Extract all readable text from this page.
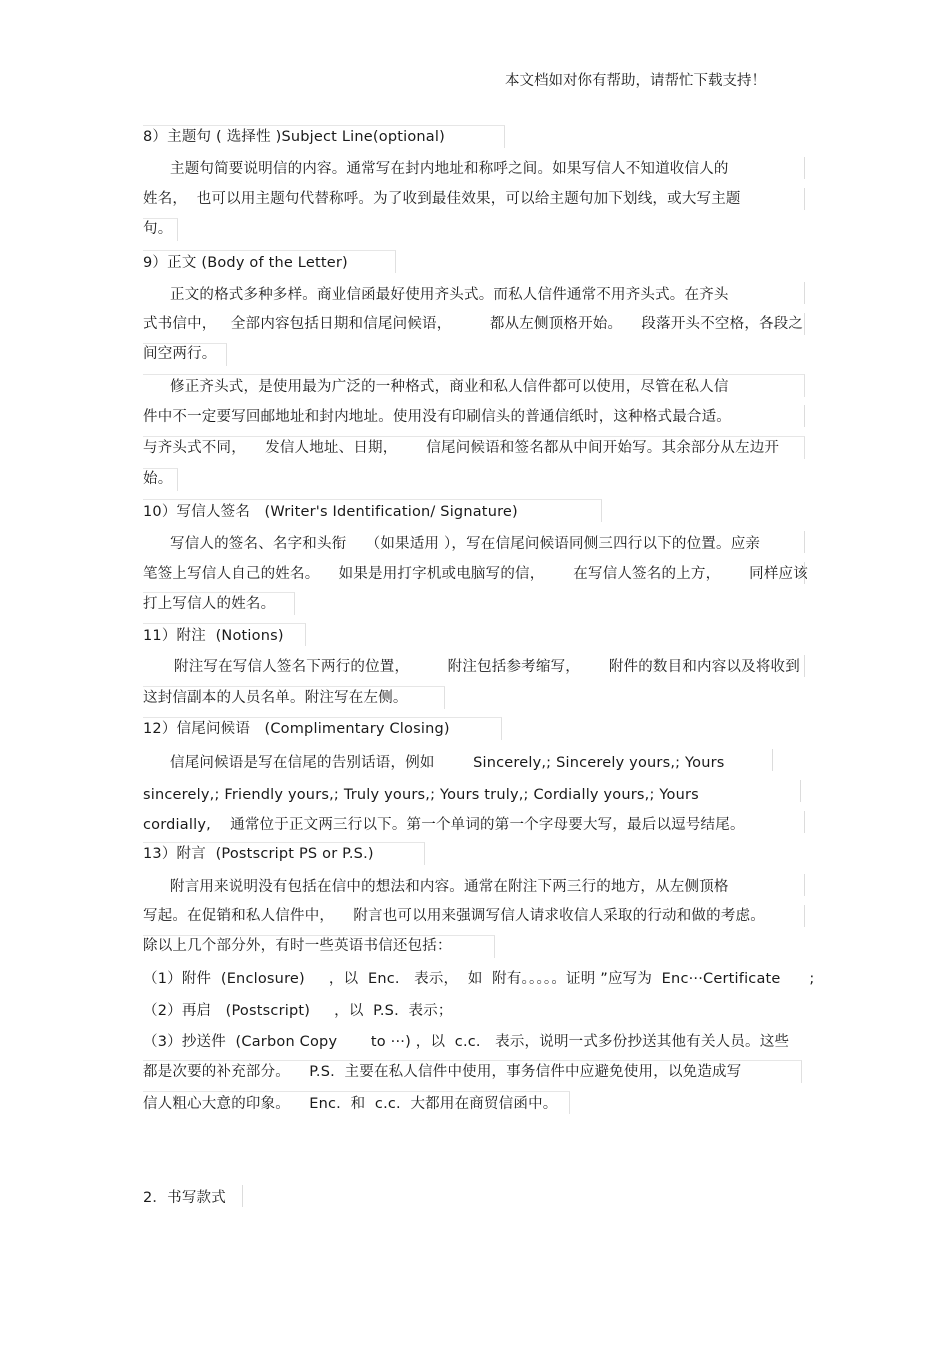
本文档如对你有帮助，请帮忙下载支持！
8）主题句 ( 选择性 )Subject Line(optional)
主题句简要说明信的内容。通常写在封内地址和称呼之间。如果写信人不知道收信人的
姓名，  也可以用主题句代替称呼。为了收到最佳效果，可以给主题句加下划线，或大写主题
句。
9）正文 (Body of the Letter)
正文的格式多种多样。商业信函最好使用齐头式。而私人信件通常不用齐头式。在齐头
式书信中，   全部内容包括日期和信尾问候语，        都从左侧顶格开始。    段落开头不空格，各段之
间空两行。
修正齐头式，是使用最为广泛的一种格式，商业和私人信件都可以使用，尽管在私人信
件中不一定要写回邮地址和封内地址。使用没有印刷信头的普通信纸时，这种格式最合适。
与齐头式不同，    发信人地址、日期，      信尾问候语和签名都从中间开始写。其余部分从左边开
始。
10）写信人签名   (Writer's Identification/ Signature)
写信人的签名、名字和头衔    （如果适用 ），写在信尾问候语同侧三四行以下的位置。应亲
笔签上写信人自己的姓名。    如果是用打字机或电脑写的信，      在写信人签名的上方，      同样应该
打上写信人的姓名。
11）附注  (Notions)
附注写在写信人签名下两行的位置，        附注包括参考缩写，      附件的数目和内容以及将收到
这封信副本的人员名单。附注写在左侧。
12）信尾问候语   (Complimentary Closing)
信尾问候语是写在信尾的告别话语，例如        Sincerely,; Sincerely yours,; Yours
sincerely,; Friendly yours,; Truly yours,; Yours truly,; Cordially yours,; Yours
cordially,    通常位于正文两三行以下。第一个单词的第一个字母要大写，最后以逗号结尾。
13）附言  (Postscript PS or P.S.)
附言用来说明没有包括在信中的想法和内容。通常在附注下两三行的地方，从左侧顶格
写起。在促销和私人信件中，    附言也可以用来强调写信人请求收信人采取的行动和做的考虑。
除以上几个部分外，有时一些英语书信还包括：
（1）附件  (Enclosure)     ，以  Enc.   表示，  如  附有。。。。。证明 ”应写为  Enc···Certificate      ;
（2）再启   (Postscript)     ，以  P.S.  表示；
（3）抄送件  (Carbon Copy       to ···) ，以  c.c.   表示，说明一式多份抄送其他有关人员。这些
都是次要的补充部分。    P.S.  主要在私人信件中使用，事务信件中应避免使用，以免造成写
信人粗心大意的印象。    Enc.  和  c.c.  大都用在商贸信函中。
2．书写款式
